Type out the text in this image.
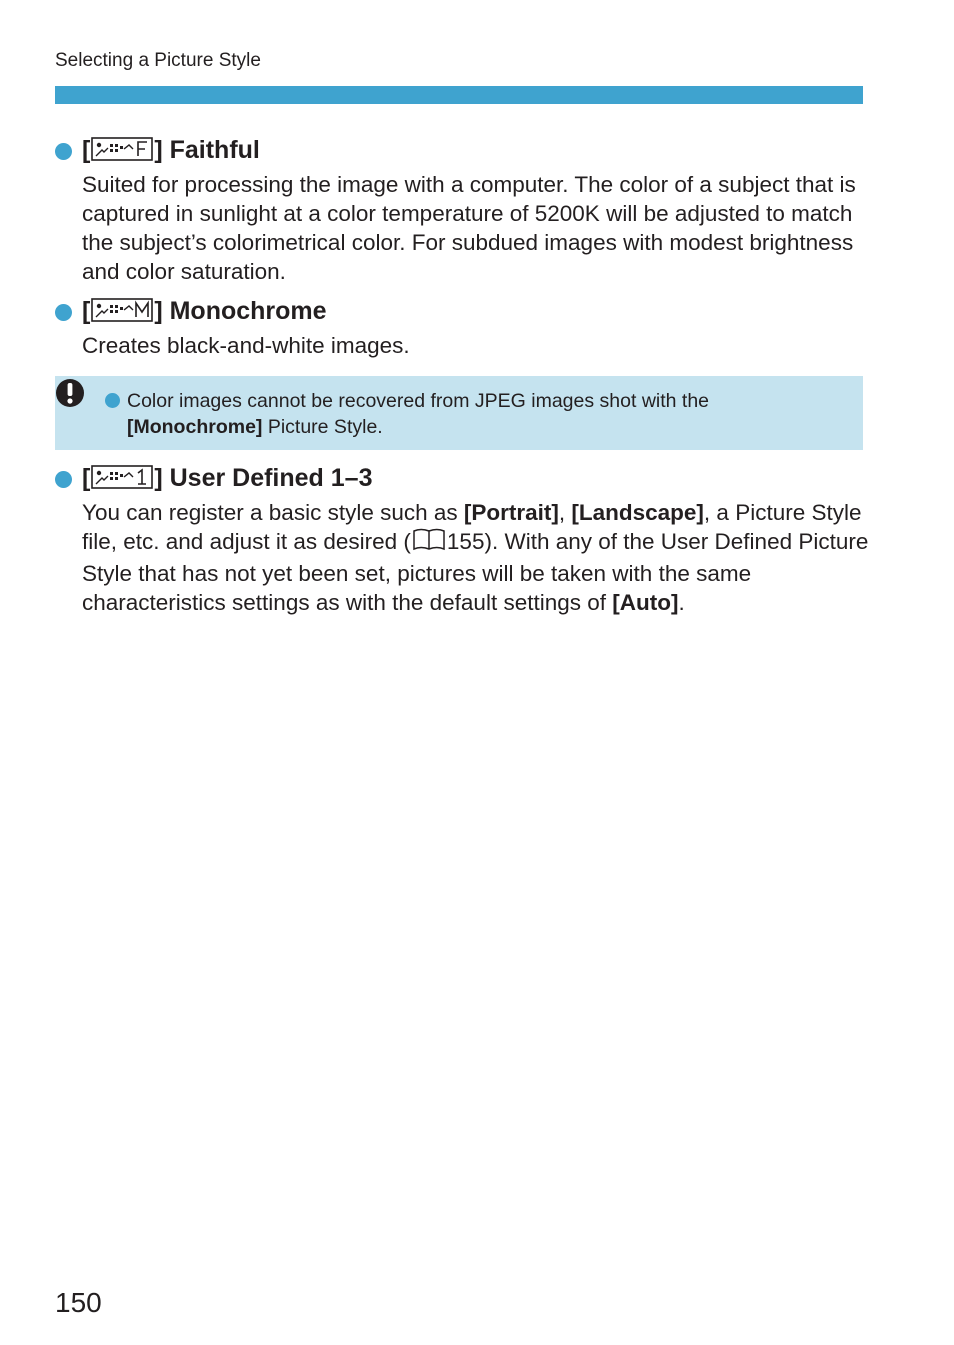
Selecting a Picture Style
[	] Faithful

Suited for processing the image with a computer. The color of a subject that is captured in sunlight at a color temperature of 5200K will be adjusted to match the subject’s colorimetrical color. For subdued images with modest brightness and color saturation.

[	] Monochrome

Creates black-and-white images.

Color images cannot be recovered from JPEG images shot with the [Monochrome] Picture Style.
[	] User Defined 1–3

You can register a basic style such as [Portrait], [Landscape], a Picture Style file, etc. and adjust it as desired ( 155). With any of the User Defined Picture Style that has not yet been set, pictures will be taken with the same characteristics settings as with the default settings of [Auto].

150
